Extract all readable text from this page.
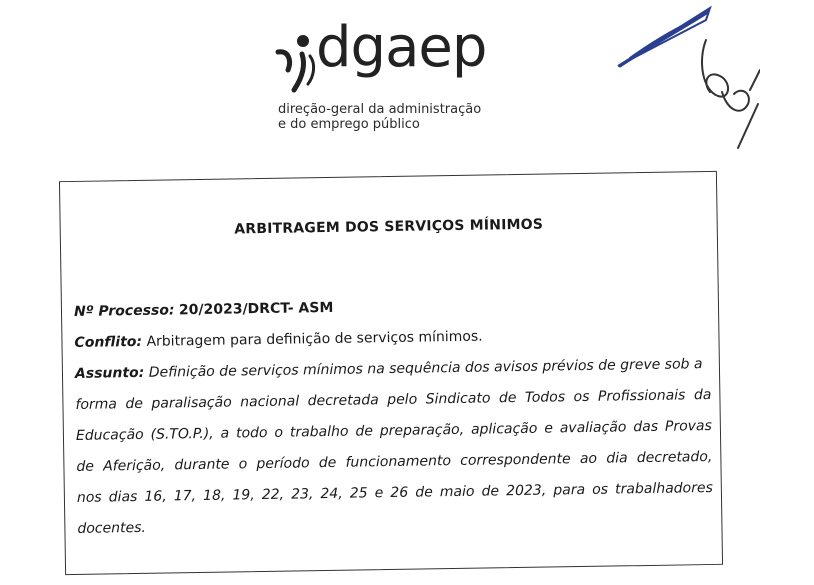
dgaep
direção-geral da administração
e do emprego público
ARBITRAGEM DOS SERVIÇOS MÍNIMOS
Nº Processo: 20/2023/DRCT- ASM
Conflito: Arbitragem para definição de serviços mínimos.
Assunto: Definição de serviços mínimos na sequência dos avisos prévios de greve sob a
forma de paralisação nacional decretada pelo Sindicato de Todos os Profissionais da
Educação (S.TO.P.), a todo o trabalho de preparação, aplicação e avaliação das Provas
de Aferição, durante o período de funcionamento correspondente ao dia decretado,
nos dias 16, 17, 18, 19, 22, 23, 24, 25 e 26 de maio de 2023, para os trabalhadores
docentes.
